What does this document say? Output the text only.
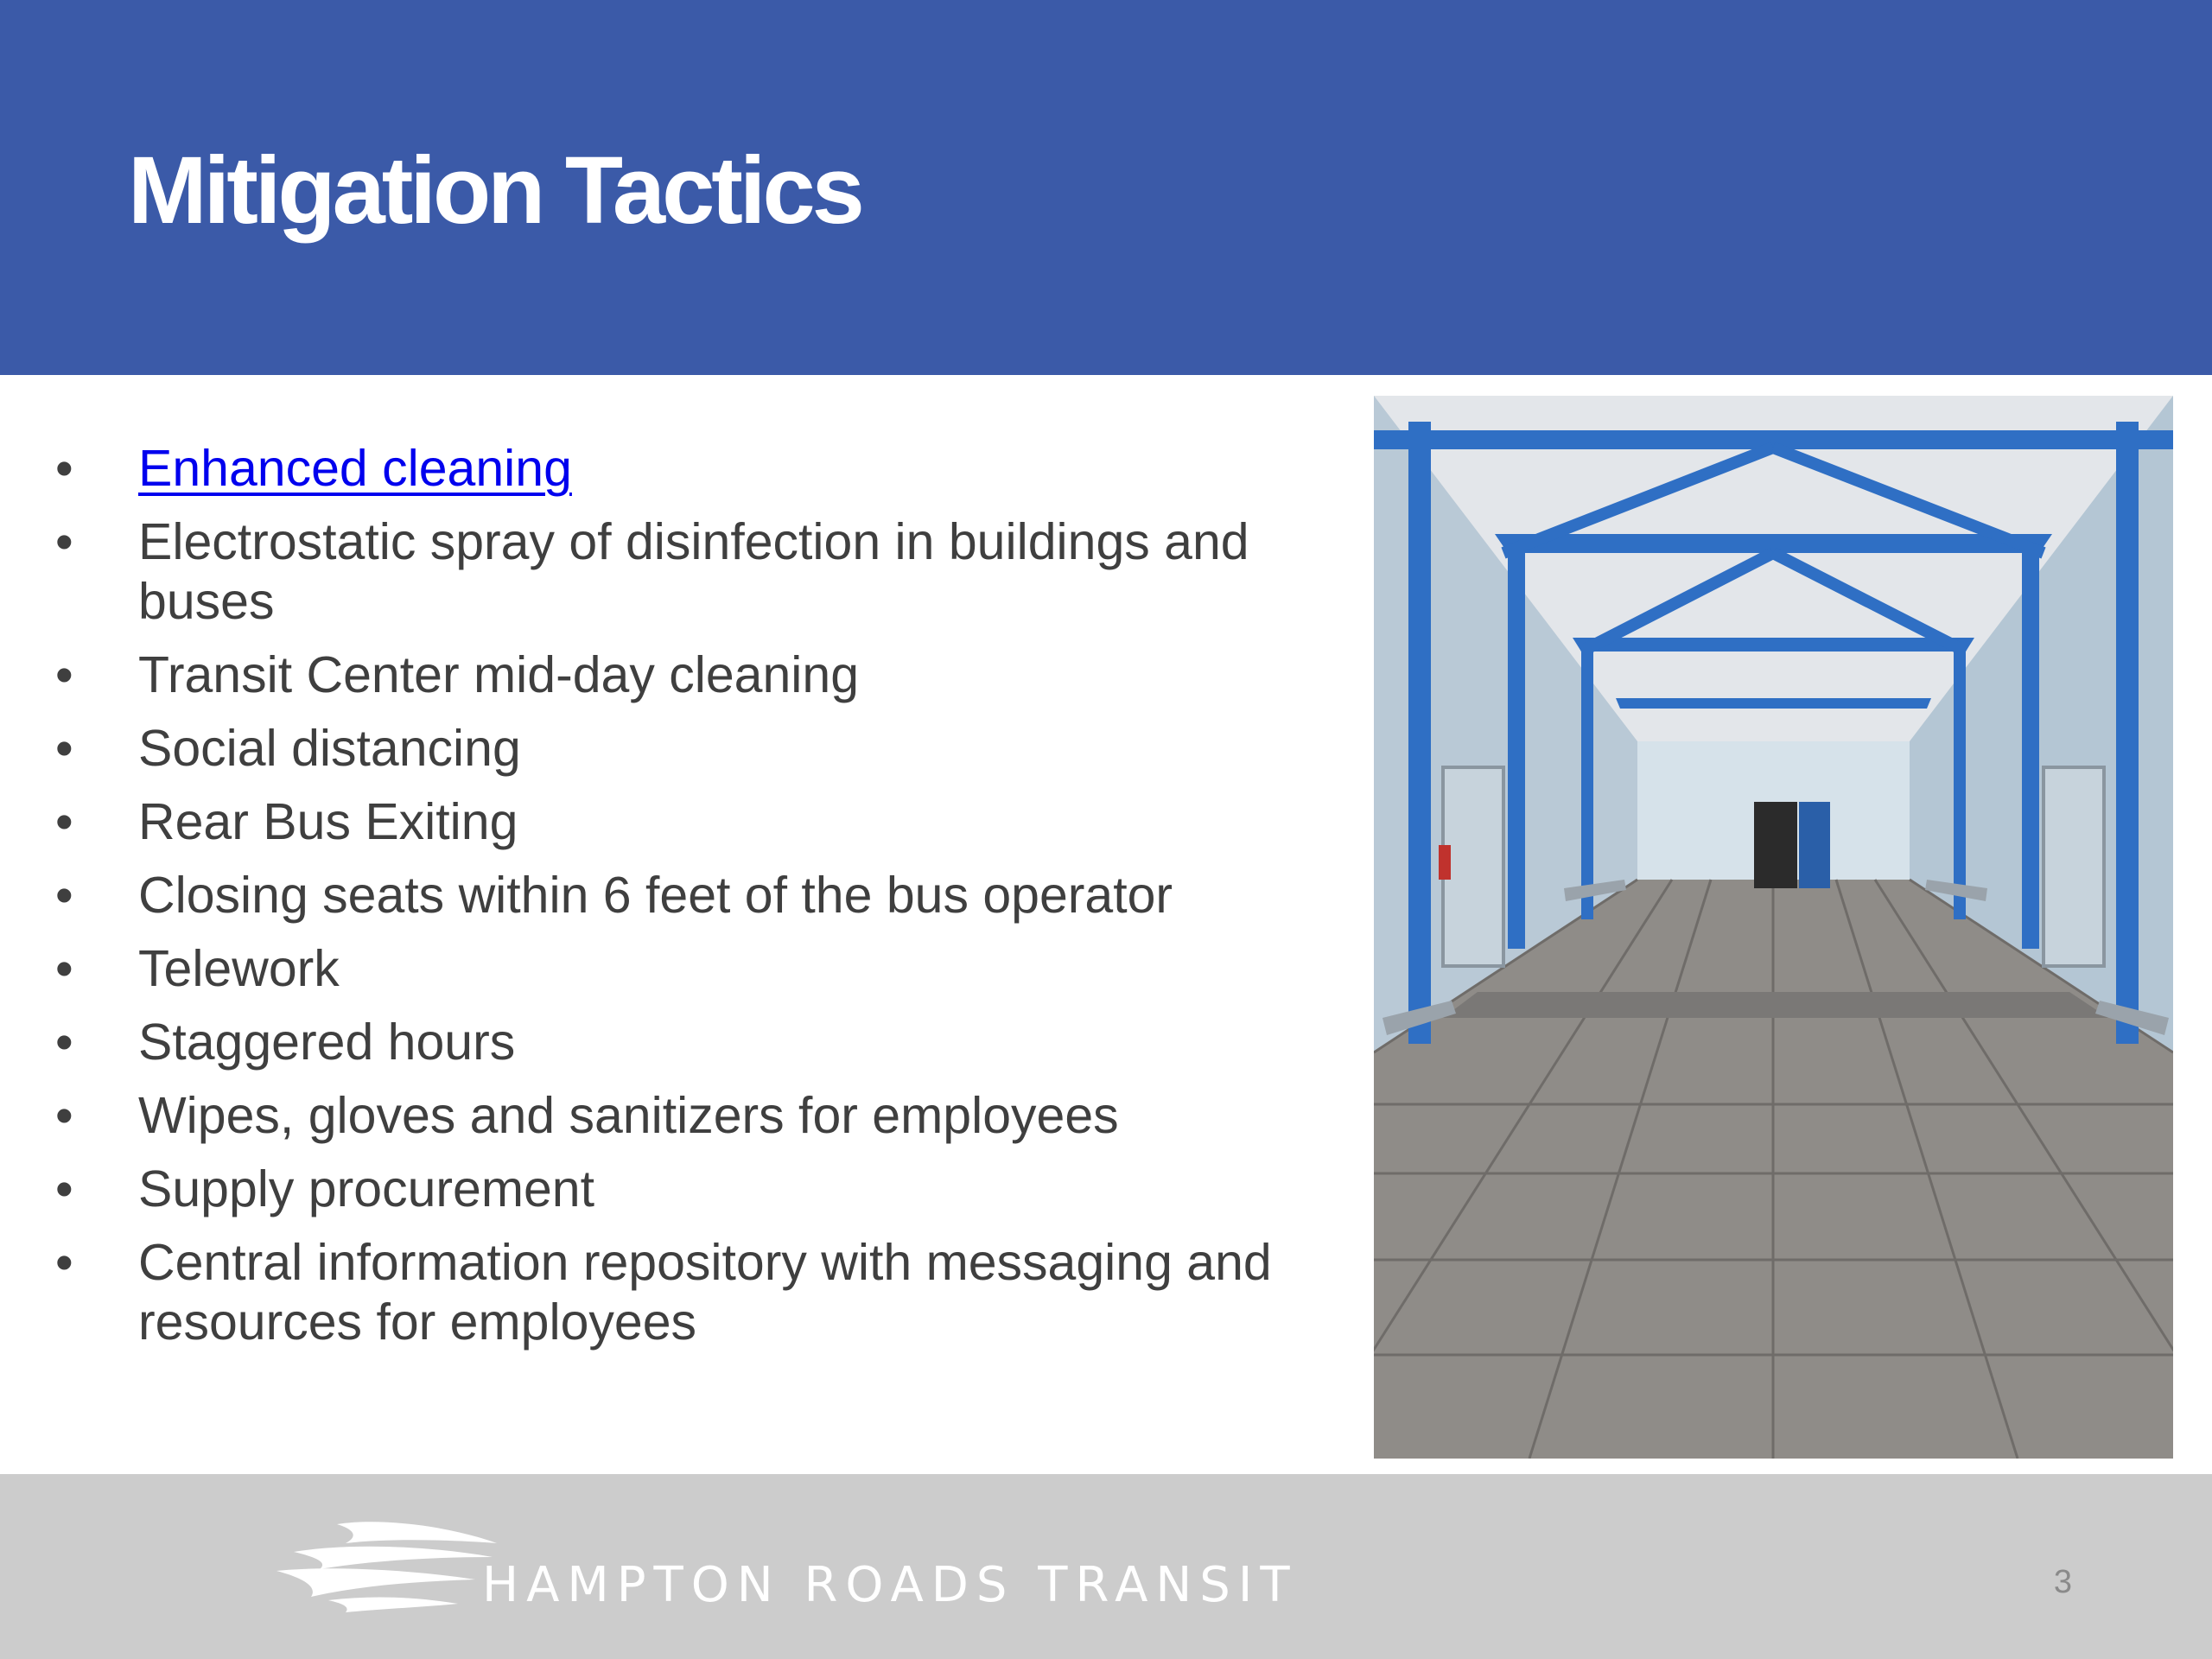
Mitigation Tactics
• Enhanced cleaning
• Electrostatic spray of disinfection in buildings and buses
• Transit Center mid-day cleaning
• Social distancing
• Rear Bus Exiting
• Closing seats within 6 feet of the bus operator
• Telework
• Staggered hours
• Wipes, gloves and sanitizers for employees
• Supply procurement
• Central information repository with messaging and resources for employees
HAMPTON ROADS TRANSIT	3
